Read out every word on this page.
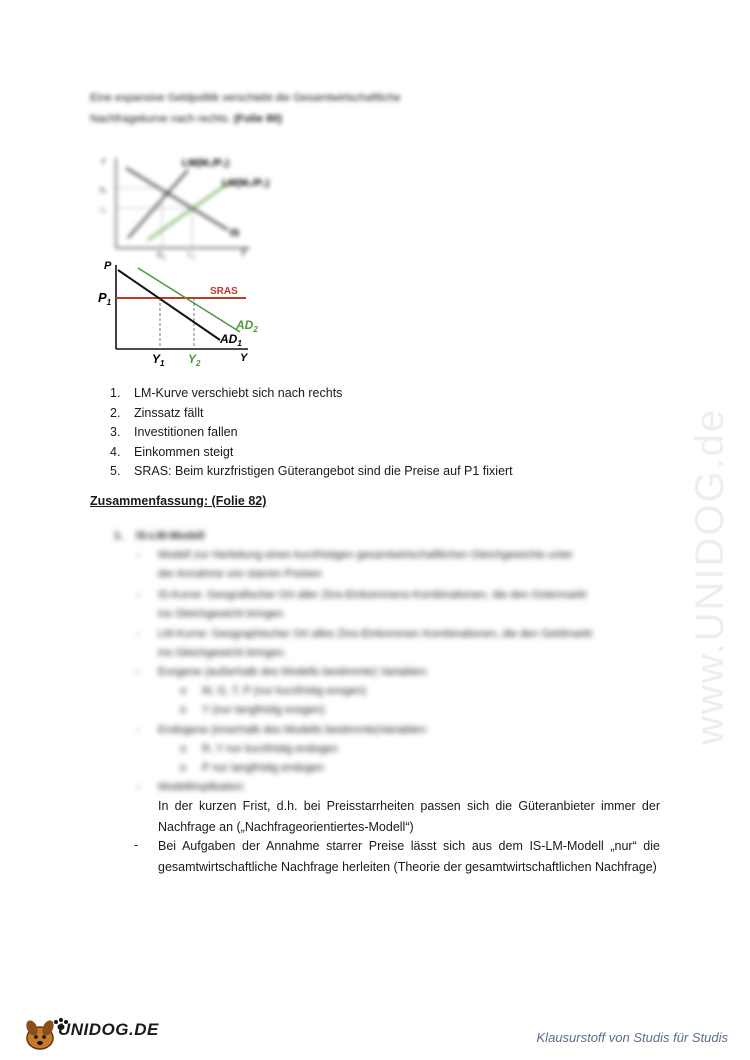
Eine expansive Geldpolitik verschiebt die Gesamtwirtschaftliche
Nachfragekurve nach rechts. (Folie 80)
r
Y
LM(M₁/P₁)
LM(M₂/P₁)
IS
r₁
r₂
Y₁ Y₂
P
Y
$P_1$
SRAS
$AD_2$
$AD_1$
$Y_1$ $Y_2$
1. LM-Kurve verschiebt sich nach rechts
2. Zinssatz fällt
3. Investitionen fallen
4. Einkommen steigt
5. SRAS: Beim kurzfristigen Güterangebot sind die Preise auf P1 fixiert
Zusammenfassung: (Folie 82)
1. IS-LM-Modell
- Modell zur Herleitung eines kurzfristigen gesamtwirtschaftlichen Gleichgewichts unter
der Annahme von starren Preisen
- IS-Kurve: Geografischer Ort aller Zins-Einkommens-Kombinationen, die den Gütermarkt
ins Gleichgewicht bringen
- LM-Kurve: Geographischer Ort alles Zins-Einkommen Kombinationen, die den Geldmarkt
ins Gleichgewicht bringen.
- Exogene (außerhalb des Modells bestimmte) Variablen:
o M, G, T, P (nur kurzfristig exogen)
o Y (nur langfristig exogen)
- Endogene (innerhalb des Modells bestimmte)Variablen:
o R, Y nur kurzfristig endogen
o P nur langfristig endogen
- Modellimplikation:
In der kurzen Frist, d.h. bei Preisstarrheiten passen sich die Güteranbieter immer der Nachfrage an („Nachfrageorientiertes-Modell“)
- Bei Aufgaben der Annahme starrer Preise lässt sich aus dem IS-LM-Modell „nur“ die gesamtwirtschaftliche Nachfrage herleiten (Theorie der gesamtwirtschaftlichen Nachfrage)
www.UNIDOG.de
UNIDOG.DE	Klausurstoff von Studis für Studis
